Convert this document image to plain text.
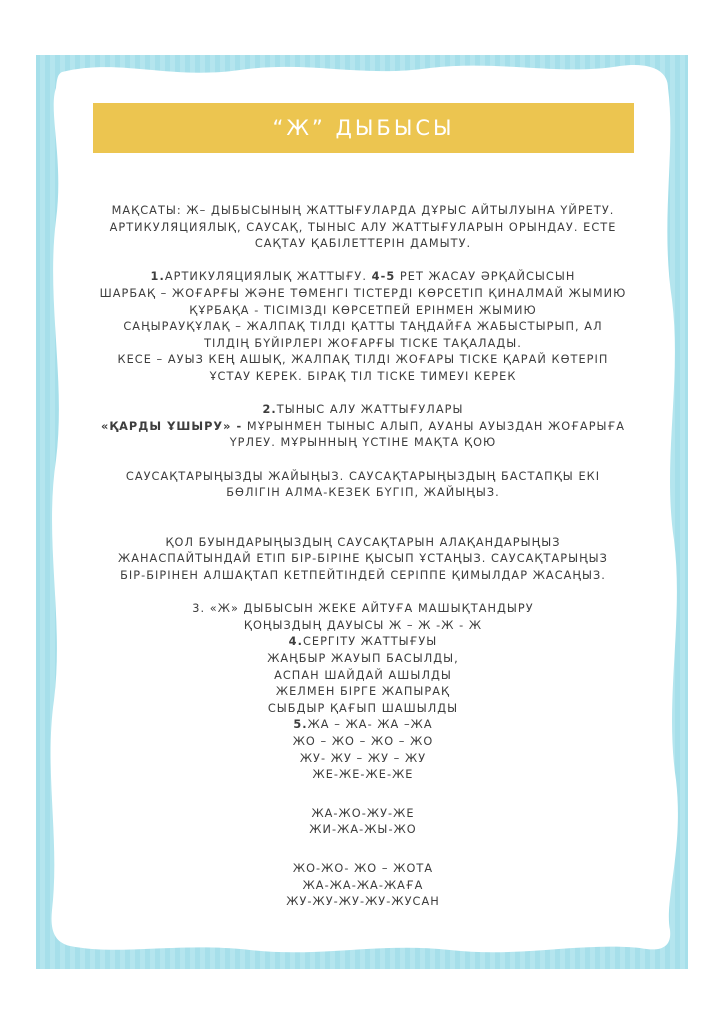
“Ж” ДЫБЫСЫ
МАҚСАТЫ: Ж– ДЫБЫСЫНЫҢ ЖАТТЫҒУЛАРДА ДҰРЫС АЙТЫЛУЫНА ҮЙРЕТУ.
АРТИКУЛЯЦИЯЛЫҚ, САУСАҚ, ТЫНЫС АЛУ ЖАТТЫҒУЛАРЫН ОРЫНДАУ. ЕСТЕ
САҚТАУ ҚАБІЛЕТТЕРІН ДАМЫТУ.
1.АРТИКУЛЯЦИЯЛЫҚ ЖАТТЫҒУ. 4-5 РЕТ ЖАСАУ ӘРҚАЙСЫСЫН
ШАРБАҚ – ЖОҒАРҒЫ ЖӘНЕ ТӨМЕНГІ ТІСТЕРДІ КӨРСЕТІП ҚИНАЛМАЙ ЖЫМИЮ
ҚҰРБАҚА - ТІСІМІЗДІ КӨРСЕТПЕЙ ЕРІНМЕН ЖЫМИЮ
САҢЫРАУҚҰЛАҚ – ЖАЛПАҚ ТІЛДІ ҚАТТЫ ТАҢДАЙҒА ЖАБЫСТЫРЫП, АЛ
ТІЛДІҢ БҮЙІРЛЕРІ ЖОҒАРҒЫ ТІСКЕ ТАҚАЛАДЫ.
КЕСЕ – АУЫЗ КЕҢ АШЫҚ, ЖАЛПАҚ ТІЛДІ ЖОҒАРЫ ТІСКЕ ҚАРАЙ КӨТЕРІП
ҰСТАУ КЕРЕК. БІРАҚ ТІЛ ТІСКЕ ТИМЕУІ КЕРЕК
2.ТЫНЫС АЛУ ЖАТТЫҒУЛАРЫ
«ҚАРДЫ ҰШЫРУ» - МҰРЫНМЕН ТЫНЫС АЛЫП, АУАНЫ АУЫЗДАН ЖОҒАРЫҒА
ҮРЛЕУ. МҰРЫННЫҢ ҮСТІНЕ МАҚТА ҚОЮ
САУСАҚТАРЫҢЫЗДЫ ЖАЙЫҢЫЗ. САУСАҚТАРЫҢЫЗДЫҢ БАСТАПҚЫ ЕКІ
БӨЛІГІН АЛМА-КЕЗЕК БҮГІП, ЖАЙЫҢЫЗ.
ҚОЛ БУЫНДАРЫҢЫЗДЫҢ САУСАҚТАРЫН АЛАҚАНДАРЫҢЫЗ
ЖАНАСПАЙТЫНДАЙ ЕТІП БІР-БІРІНЕ ҚЫСЫП ҰСТАҢЫЗ. САУСАҚТАРЫҢЫЗ
БІР-БІРІНЕН АЛШАҚТАП КЕТПЕЙТІНДЕЙ СЕРІППЕ ҚИМЫЛДАР ЖАСАҢЫЗ.
3. «Ж» ДЫБЫСЫН ЖЕКЕ АЙТУҒА МАШЫҚТАНДЫРУ
ҚОҢЫЗДЫҢ ДАУЫСЫ Ж – Ж -Ж - Ж
4.СЕРГІТУ ЖАТТЫҒУЫ
ЖАҢБЫР ЖАУЫП БАСЫЛДЫ,
АСПАН ШАЙДАЙ АШЫЛДЫ
ЖЕЛМЕН БІРГЕ ЖАПЫРАҚ
СЫБДЫР ҚАҒЫП ШАШЫЛДЫ
5.ЖА – ЖА- ЖА –ЖА
ЖО – ЖО – ЖО – ЖО
ЖУ- ЖУ – ЖУ – ЖУ
ЖЕ-ЖЕ-ЖЕ-ЖЕ
ЖА-ЖО-ЖУ-ЖЕ
ЖИ-ЖА-ЖЫ-ЖО
ЖО-ЖО- ЖО – ЖОТА
ЖА-ЖА-ЖА-ЖАҒА
ЖУ-ЖУ-ЖУ-ЖУ-ЖУСАН
